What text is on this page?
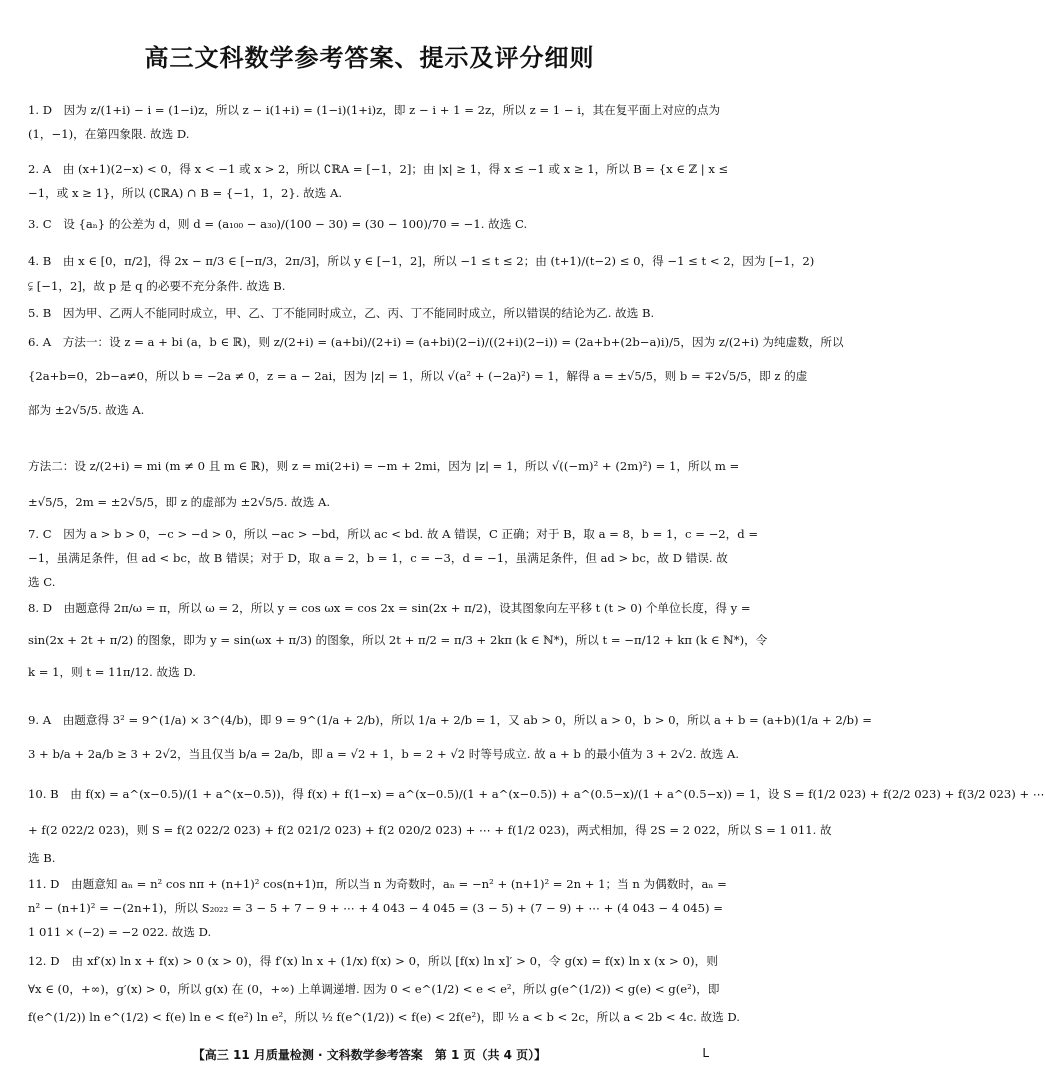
高三文科数学参考答案、提示及评分细则
1. D　因为 z/(1+i) − i = (1−i)z，所以 z − i(1+i) = (1−i)(1+i)z，即 z − i + 1 = 2z，所以 z = 1 − i，其在复平面上对应的点为
(1，−1)，在第四象限. 故选 D.
2. A　由 (x+1)(2−x) < 0，得 x < −1 或 x > 2，所以 ∁ℝA = [−1，2]；由 |x| ≥ 1，得 x ≤ −1 或 x ≥ 1，所以 B = {x ∈ ℤ | x ≤
−1，或 x ≥ 1}，所以 (∁ℝA) ∩ B = {−1，1，2}. 故选 A.
3. C　设 {aₙ} 的公差为 d，则 d = (a₁₀₀ − a₃₀)/(100 − 30) = (30 − 100)/70 = −1. 故选 C.
4. B　由 x ∈ [0，π/2]，得 2x − π/3 ∈ [−π/3，2π/3]，所以 y ∈ [−1，2]，所以 −1 ≤ t ≤ 2；由 (t+1)/(t−2) ≤ 0，得 −1 ≤ t < 2，因为 [−1，2)
⫋ [−1，2]，故 p 是 q 的必要不充分条件. 故选 B.
5. B　因为甲、乙两人不能同时成立，甲、乙、丁不能同时成立，乙、丙、丁不能同时成立，所以错误的结论为乙. 故选 B.
6. A　方法一：设 z = a + bi (a，b ∈ ℝ)，则 z/(2+i) = (a+bi)/(2+i) = (a+bi)(2−i)/((2+i)(2−i)) = (2a+b+(2b−a)i)/5，因为 z/(2+i) 为纯虚数，所以
{2a+b=0，2b−a≠0，所以 b = −2a ≠ 0，z = a − 2ai，因为 |z| = 1，所以 √(a² + (−2a)²) = 1，解得 a = ±√5/5，则 b = ∓2√5/5，即 z 的虚
部为 ±2√5/5. 故选 A.
方法二：设 z/(2+i) = mi (m ≠ 0 且 m ∈ ℝ)，则 z = mi(2+i) = −m + 2mi，因为 |z| = 1，所以 √((−m)² + (2m)²) = 1，所以 m =
±√5/5，2m = ±2√5/5，即 z 的虚部为 ±2√5/5. 故选 A.
7. C　因为 a > b > 0，−c > −d > 0，所以 −ac > −bd，所以 ac < bd. 故 A 错误，C 正确；对于 B，取 a = 8，b = 1，c = −2，d =
−1，虽满足条件，但 ad < bc，故 B 错误；对于 D，取 a = 2，b = 1，c = −3，d = −1，虽满足条件，但 ad > bc，故 D 错误. 故
选 C.
8. D　由题意得 2π/ω = π，所以 ω = 2，所以 y = cos ωx = cos 2x = sin(2x + π/2)，设其图象向左平移 t (t > 0) 个单位长度，得 y =
sin(2x + 2t + π/2) 的图象，即为 y = sin(ωx + π/3) 的图象，所以 2t + π/2 = π/3 + 2kπ (k ∈ ℕ*)，所以 t = −π/12 + kπ (k ∈ ℕ*)，令
k = 1，则 t = 11π/12. 故选 D.
9. A　由题意得 3² = 9^(1/a) × 3^(4/b)，即 9 = 9^(1/a + 2/b)，所以 1/a + 2/b = 1，又 ab > 0，所以 a > 0，b > 0，所以 a + b = (a+b)(1/a + 2/b) =
3 + b/a + 2a/b ≥ 3 + 2√2，当且仅当 b/a = 2a/b，即 a = √2 + 1，b = 2 + √2 时等号成立. 故 a + b 的最小值为 3 + 2√2. 故选 A.
10. B　由 f(x) = a^(x−0.5)/(1 + a^(x−0.5))，得 f(x) + f(1−x) = a^(x−0.5)/(1 + a^(x−0.5)) + a^(0.5−x)/(1 + a^(0.5−x)) = 1，设 S = f(1/2 023) + f(2/2 023) + f(3/2 023) + ⋯
+ f(2 022/2 023)，则 S = f(2 022/2 023) + f(2 021/2 023) + f(2 020/2 023) + ⋯ + f(1/2 023)，两式相加，得 2S = 2 022，所以 S = 1 011. 故
选 B.
11. D　由题意知 aₙ = n² cos nπ + (n+1)² cos(n+1)π，所以当 n 为奇数时，aₙ = −n² + (n+1)² = 2n + 1；当 n 为偶数时，aₙ =
n² − (n+1)² = −(2n+1)，所以 S₂₀₂₂ = 3 − 5 + 7 − 9 + ⋯ + 4 043 − 4 045 = (3 − 5) + (7 − 9) + ⋯ + (4 043 − 4 045) =
1 011 × (−2) = −2 022. 故选 D.
12. D　由 xf′(x) ln x + f(x) > 0 (x > 0)，得 f′(x) ln x + (1/x) f(x) > 0，所以 [f(x) ln x]′ > 0，令 g(x) = f(x) ln x (x > 0)，则
∀x ∈ (0，+∞)，g′(x) > 0，所以 g(x) 在 (0，+∞) 上单调递增. 因为 0 < e^(1/2) < e < e²，所以 g(e^(1/2)) < g(e) < g(e²)，即
f(e^(1/2)) ln e^(1/2) < f(e) ln e < f(e²) ln e²，所以 ½ f(e^(1/2)) < f(e) < 2f(e²)，即 ½ a < b < 2c，所以 a < 2b < 4c. 故选 D.

【高三 11 月质量检测 · 文科数学参考答案　第 1 页（共 4 页）】	L
